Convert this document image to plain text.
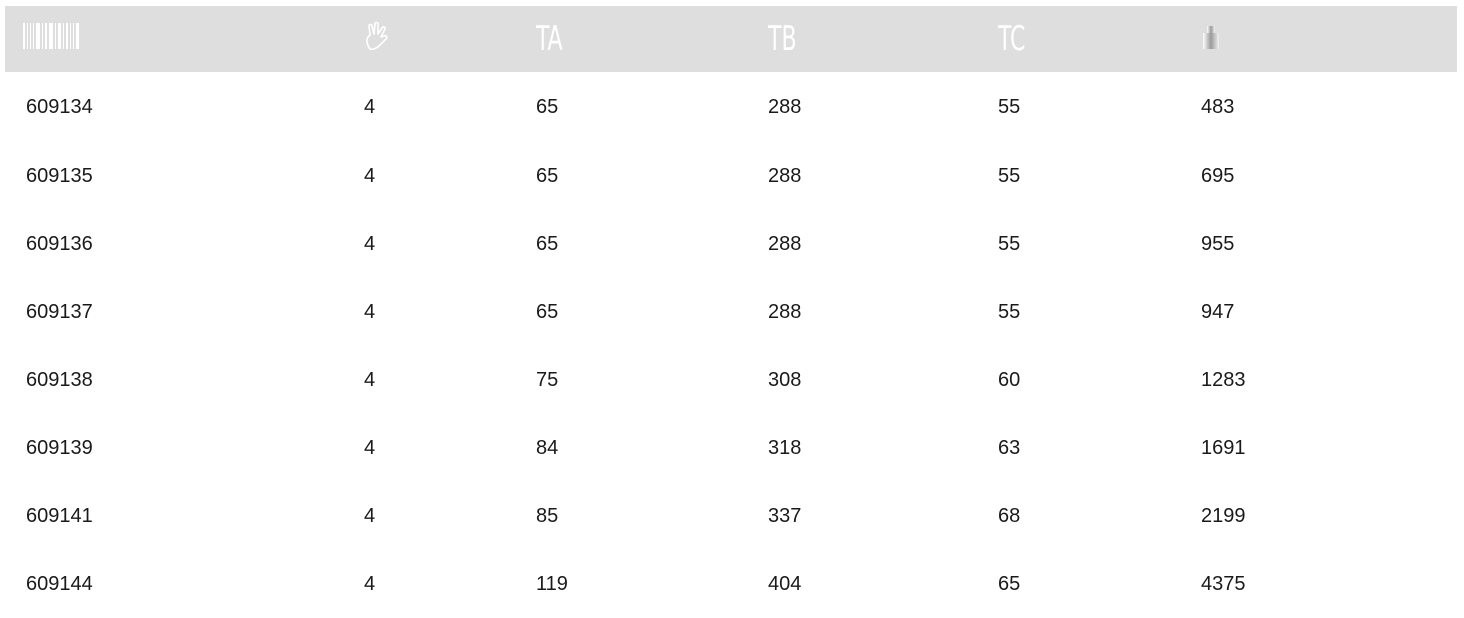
		TA	TB	TC	
609134	4	65	288	55	483
609135	4	65	288	55	695
609136	4	65	288	55	955
609137	4	65	288	55	947
609138	4	75	308	60	1283
609139	4	84	318	63	1691
609141	4	85	337	68	2199
609144	4	119	404	65	4375
